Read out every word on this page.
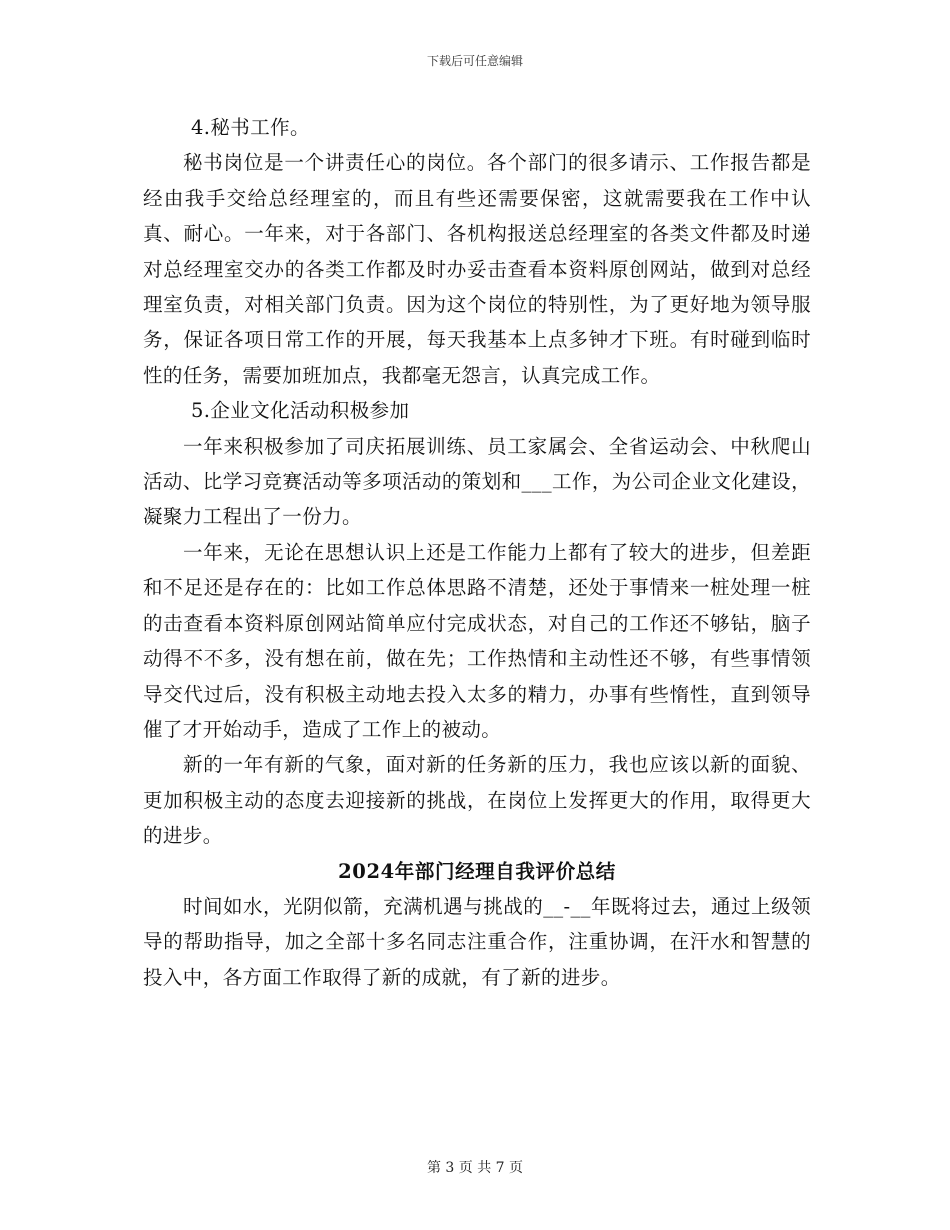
下载后可任意编辑

4.秘书工作。

秘书岗位是一个讲责任心的岗位。各个部门的很多请示、工作报告都是经由我手交给总经理室的，而且有些还需要保密，这就需要我在工作中认真、耐心。一年来，对于各部门、各机构报送总经理室的各类文件都及时递对总经理室交办的各类工作都及时办妥击查看本资料原创网站，做到对总经理室负责，对相关部门负责。因为这个岗位的特别性，为了更好地为领导服务，保证各项日常工作的开展，每天我基本上点多钟才下班。有时碰到临时性的任务，需要加班加点，我都毫无怨言，认真完成工作。

5.企业文化活动积极参加

一年来积极参加了司庆拓展训练、员工家属会、全省运动会、中秋爬山活动、比学习竞赛活动等多项活动的策划和___工作，为公司企业文化建设，凝聚力工程出了一份力。

一年来，无论在思想认识上还是工作能力上都有了较大的进步，但差距和不足还是存在的：比如工作总体思路不清楚，还处于事情来一桩处理一桩的击查看本资料原创网站简单应付完成状态，对自己的工作还不够钻，脑子动得不不多，没有想在前，做在先；工作热情和主动性还不够，有些事情领导交代过后，没有积极主动地去投入太多的精力，办事有些惰性，直到领导催了才开始动手，造成了工作上的被动。

新的一年有新的气象，面对新的任务新的压力，我也应该以新的面貌、更加积极主动的态度去迎接新的挑战，在岗位上发挥更大的作用，取得更大的进步。

2024年部门经理自我评价总结

时间如水，光阴似箭，充满机遇与挑战的__-__年既将过去，通过上级领导的帮助指导，加之全部十多名同志注重合作，注重协调，在汗水和智慧的投入中，各方面工作取得了新的成就，有了新的进步。

第 3 页 共 7 页
